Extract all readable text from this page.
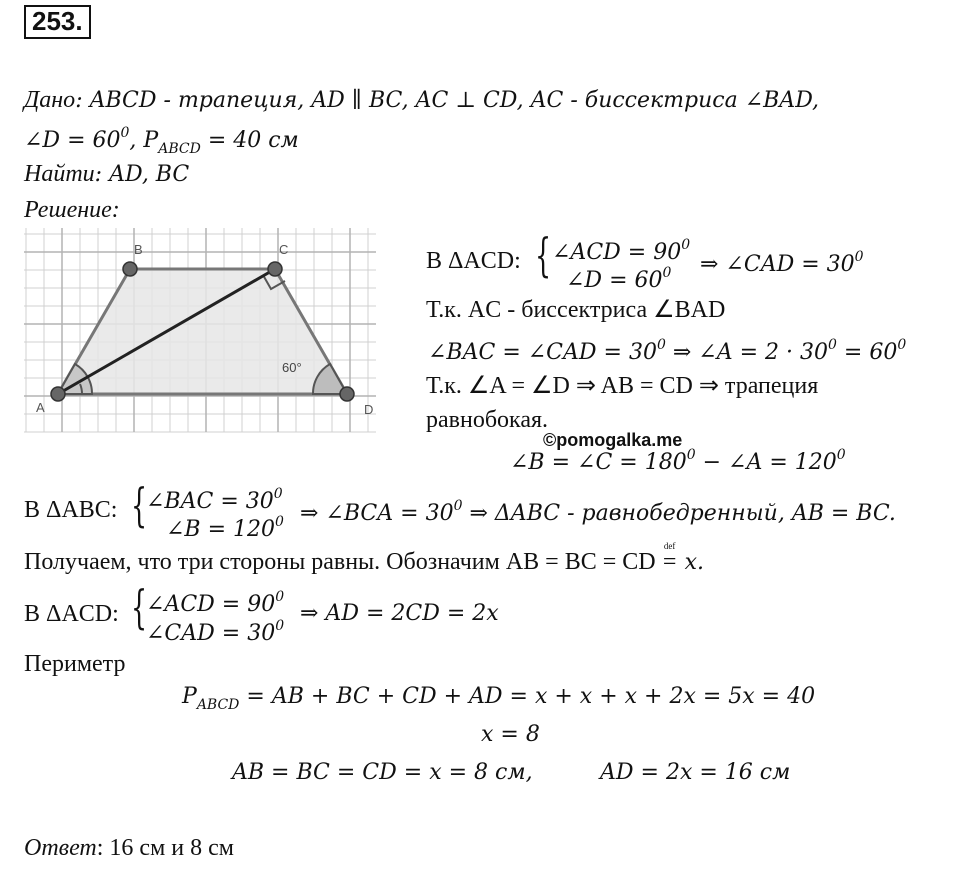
253.
Дано: ABCD - трапеция, AD ∥ BC, AC ⊥ CD, AC - биссектриса ∠BAD,
∠D = $60^0$, $P_{ABCD} = 40$ см
Найти: AD, BC
Решение:
A
B	C
D
60°
В ΔACD: { ∠ACD = $90^0$
∠D = $60^0$ ⇒ ∠CAD = $30^0$
Т.к. AC - биссектриса ∠BAD
∠BAC = ∠CAD = $30^0$ ⇒ ∠A = $2 \cdot 30^0 = 60^0$
Т.к. ∠A = ∠D ⇒ AB = CD ⇒ трапеция
равнобокая.
©pomogalka.me
∠B = ∠C = $180^0$ − ∠A = $120^0$
В ΔABC: {
∠BAC = $30^0$
∠B = $120^0$ ⇒ ∠BCA = $30^0$ ⇒ ΔABC - равнобедренный, AB = BC.
Получаем, что три стороны равны. Обозначим AB = BC = CD
def
= x.
В ΔACD: {
∠ACD = $90^0$
∠CAD = $30^0$ ⇒ AD = 2CD = 2x
Периметр
$P_{ABCD}$ = AB + BC + CD + AD = x + x + x + 2x = 5x = 40
x = 8
AB = BC = CD = x = 8 см,	AD = 2x = 16 см
Ответ: 16 см и 8 см
